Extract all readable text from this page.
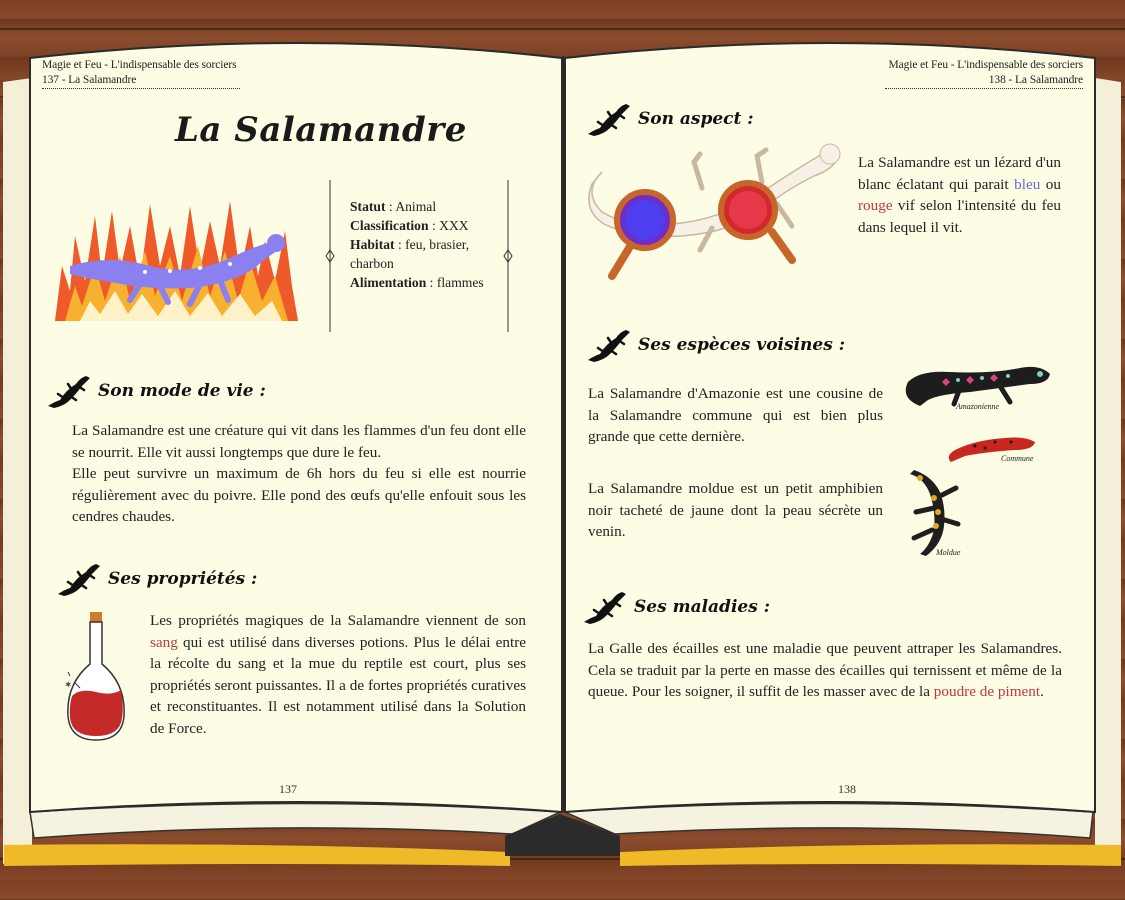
Magie et Feu - L'indispensable des sorciers
137 - La Salamandre
La Salamandre
Statut : Animal
Classification : XXX
Habitat : feu, brasier, charbon
Alimentation : flammes
Son mode de vie :
La Salamandre est une créature qui vit dans les flammes d'un feu dont elle se nourrit. Elle vit aussi longtemps que dure le feu.
Elle peut survivre un maximum de 6h hors du feu si elle est nourrie régulièrement avec du poivre. Elle pond des œufs qu'elle enfouit sous les cendres chaudes.
Ses propriétés :
✶
Les propriétés magiques de la Salamandre viennent de son sang qui est utilisé dans diverses potions. Plus le délai entre la récolte du sang et la mue du reptile est court, plus ses propriétés seront puissantes. Il a de fortes propriétés curatives et reconstituantes. Il est notamment utilisé dans la Solution de Force.
137
Magie et Feu - L'indispensable des sorciers
138 - La Salamandre
Son aspect :
La Salamandre est un lézard d'un blanc éclatant qui parait bleu ou rouge vif selon l'intensité du feu dans lequel il vit.
Ses espèces voisines :
La Salamandre d'Amazonie est une cousine de la Salamandre commune qui est bien plus grande que cette dernière.
La Salamandre moldue est un petit amphibien noir tacheté de jaune dont la peau sécrète un venin.
Amazonienne
Commune
Moldue
Ses maladies :
La Galle des écailles est une maladie que peuvent attraper les Salamandres. Cela se traduit par la perte en masse des écailles qui ternissent et même de la queue. Pour les soigner, il suffit de les masser avec de la poudre de piment.
138
